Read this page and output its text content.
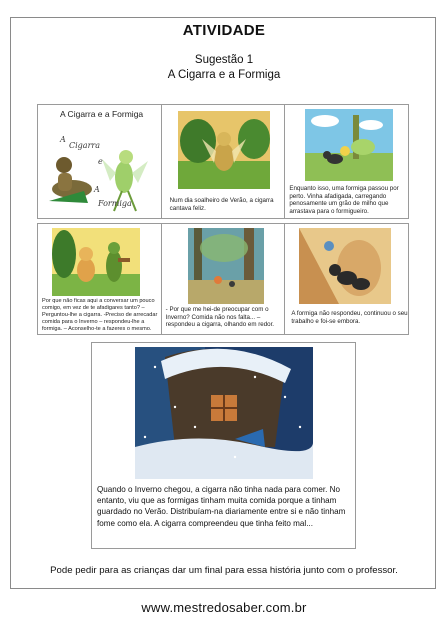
ATIVIDADE
Sugestão 1
A Cigarra e a Formiga
A Cigarra e a Formiga
A
Cigarra
e
A
Formiga	Num dia soalheiro de Verão, a cigarra cantava feliz.
Enquanto isso, uma formiga passou por perto. Vinha afadigada, carregando penosamente um grão de milho que arrastava para o formigueiro.
Por que não ficas aqui a conversar um pouco comigo, em vez de te afadigares tanto? – Perguntou-lhe a cigarra. -Preciso de arrecadar comida para o Inverno – respondeu-lhe a formiga. – Aconselho-te a fazeres o mesmo.
- Por que me hei-de preocupar com o Inverno? Comida não nos falta... – respondeu a cigarra, olhando em redor.
A formiga não respondeu, continuou o seu trabalho e foi-se embora.
Quando o Inverno chegou, a cigarra não tinha nada para comer. No entanto, viu que as formigas tinham muita comida porque a tinham guardado no Verão. Distribuíam-na diariamente entre si e não tinham fome como ela. A cigarra compreendeu que tinha feito mal...
Pode pedir para as crianças dar um final para essa história junto com o professor.
www.mestredosaber.com.br
